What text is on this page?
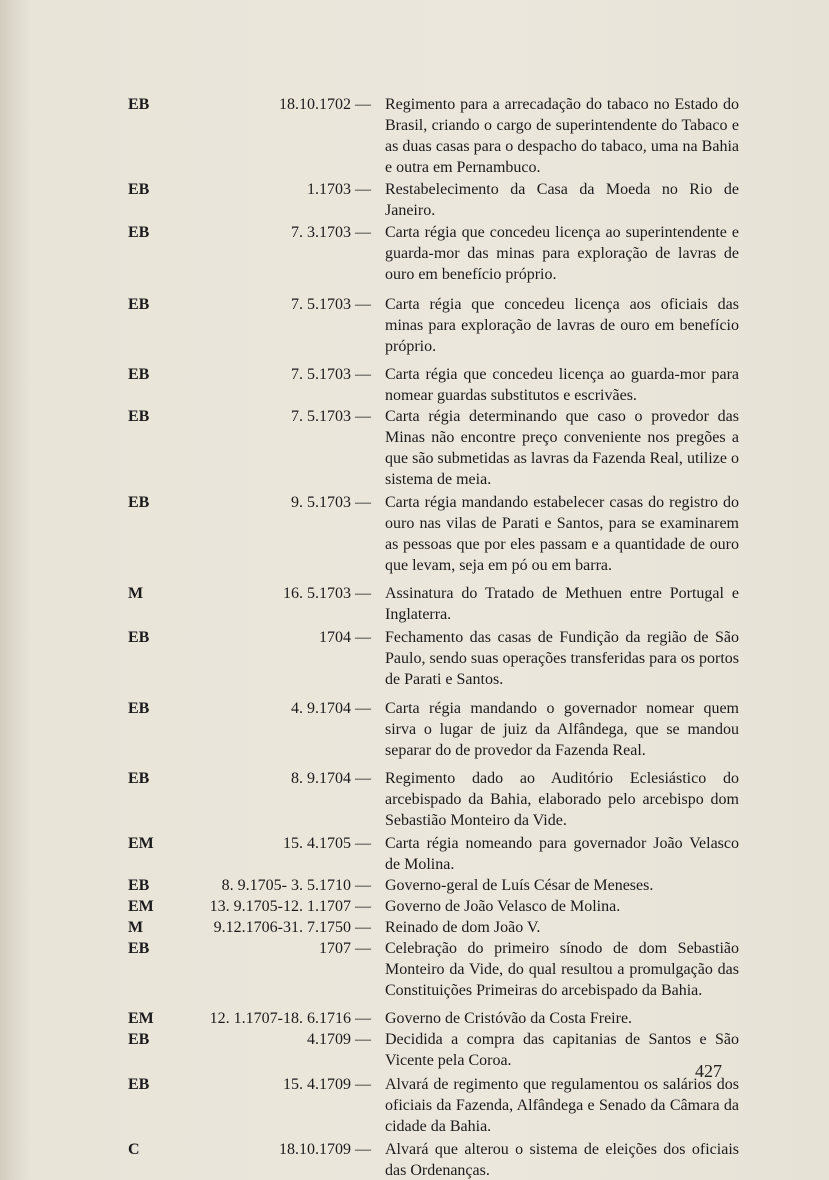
EB	18.10.1702 — Regimento para a arrecadação do tabaco no Estado do Brasil, criando o cargo de superintendente do Tabaco e as duas casas para o despacho do tabaco, uma na Bahia e outra em Pernambuco.
EB	1.1703 — Restabelecimento da Casa da Moeda no Rio de Janeiro.
EB	7. 3.1703 — Carta régia que concedeu licença ao superintendente e guarda-mor das minas para exploração de lavras de ouro em benefício próprio.
EB	7. 5.1703 — Carta régia que concedeu licença aos oficiais das minas para exploração de lavras de ouro em benefício próprio.
EB	7. 5.1703 — Carta régia que concedeu licença ao guarda-mor para nomear guardas substitutos e escrivães.
EB	7. 5.1703 — Carta régia determinando que caso o provedor das Minas não encontre preço conveniente nos pregões a que são submetidas as lavras da Fazenda Real, utilize o sistema de meia.
EB	9. 5.1703 — Carta régia mandando estabelecer casas do registro do ouro nas vilas de Parati e Santos, para se examinarem as pessoas que por eles passam e a quantidade de ouro que levam, seja em pó ou em barra.
M	16. 5.1703 — Assinatura do Tratado de Methuen entre Portugal e Inglaterra.
EB	1704 — Fechamento das casas de Fundição da região de São Paulo, sendo suas operações transferidas para os portos de Parati e Santos.
EB	4. 9.1704 — Carta régia mandando o governador nomear quem sirva o lugar de juiz da Alfândega, que se mandou separar do de provedor da Fazenda Real.
EB	8. 9.1704 — Regimento dado ao Auditório Eclesiástico do arcebispado da Bahia, elaborado pelo arcebispo dom Sebastião Monteiro da Vide.
EM	15. 4.1705 — Carta régia nomeando para governador João Velasco de Molina.
EB	8. 9.1705- 3. 5.1710 — Governo-geral de Luís César de Meneses.
EM	13. 9.1705-12. 1.1707 — Governo de João Velasco de Molina.
M	9.12.1706-31. 7.1750 — Reinado de dom João V.
EB	1707 — Celebração do primeiro sínodo de dom Sebastião Monteiro da Vide, do qual resultou a promulgação das Constituições Primeiras do arcebispado da Bahia.
EM	12. 1.1707-18. 6.1716 — Governo de Cristóvão da Costa Freire.
EB	4.1709 — Decidida a compra das capitanias de Santos e São Vicente pela Coroa.
EB	15. 4.1709 — Alvará de regimento que regulamentou os salários dos oficiais da Fazenda, Alfândega e Senado da Câmara da cidade da Bahia.
C	18.10.1709 — Alvará que alterou o sistema de eleições dos oficiais das Ordenanças.
427
